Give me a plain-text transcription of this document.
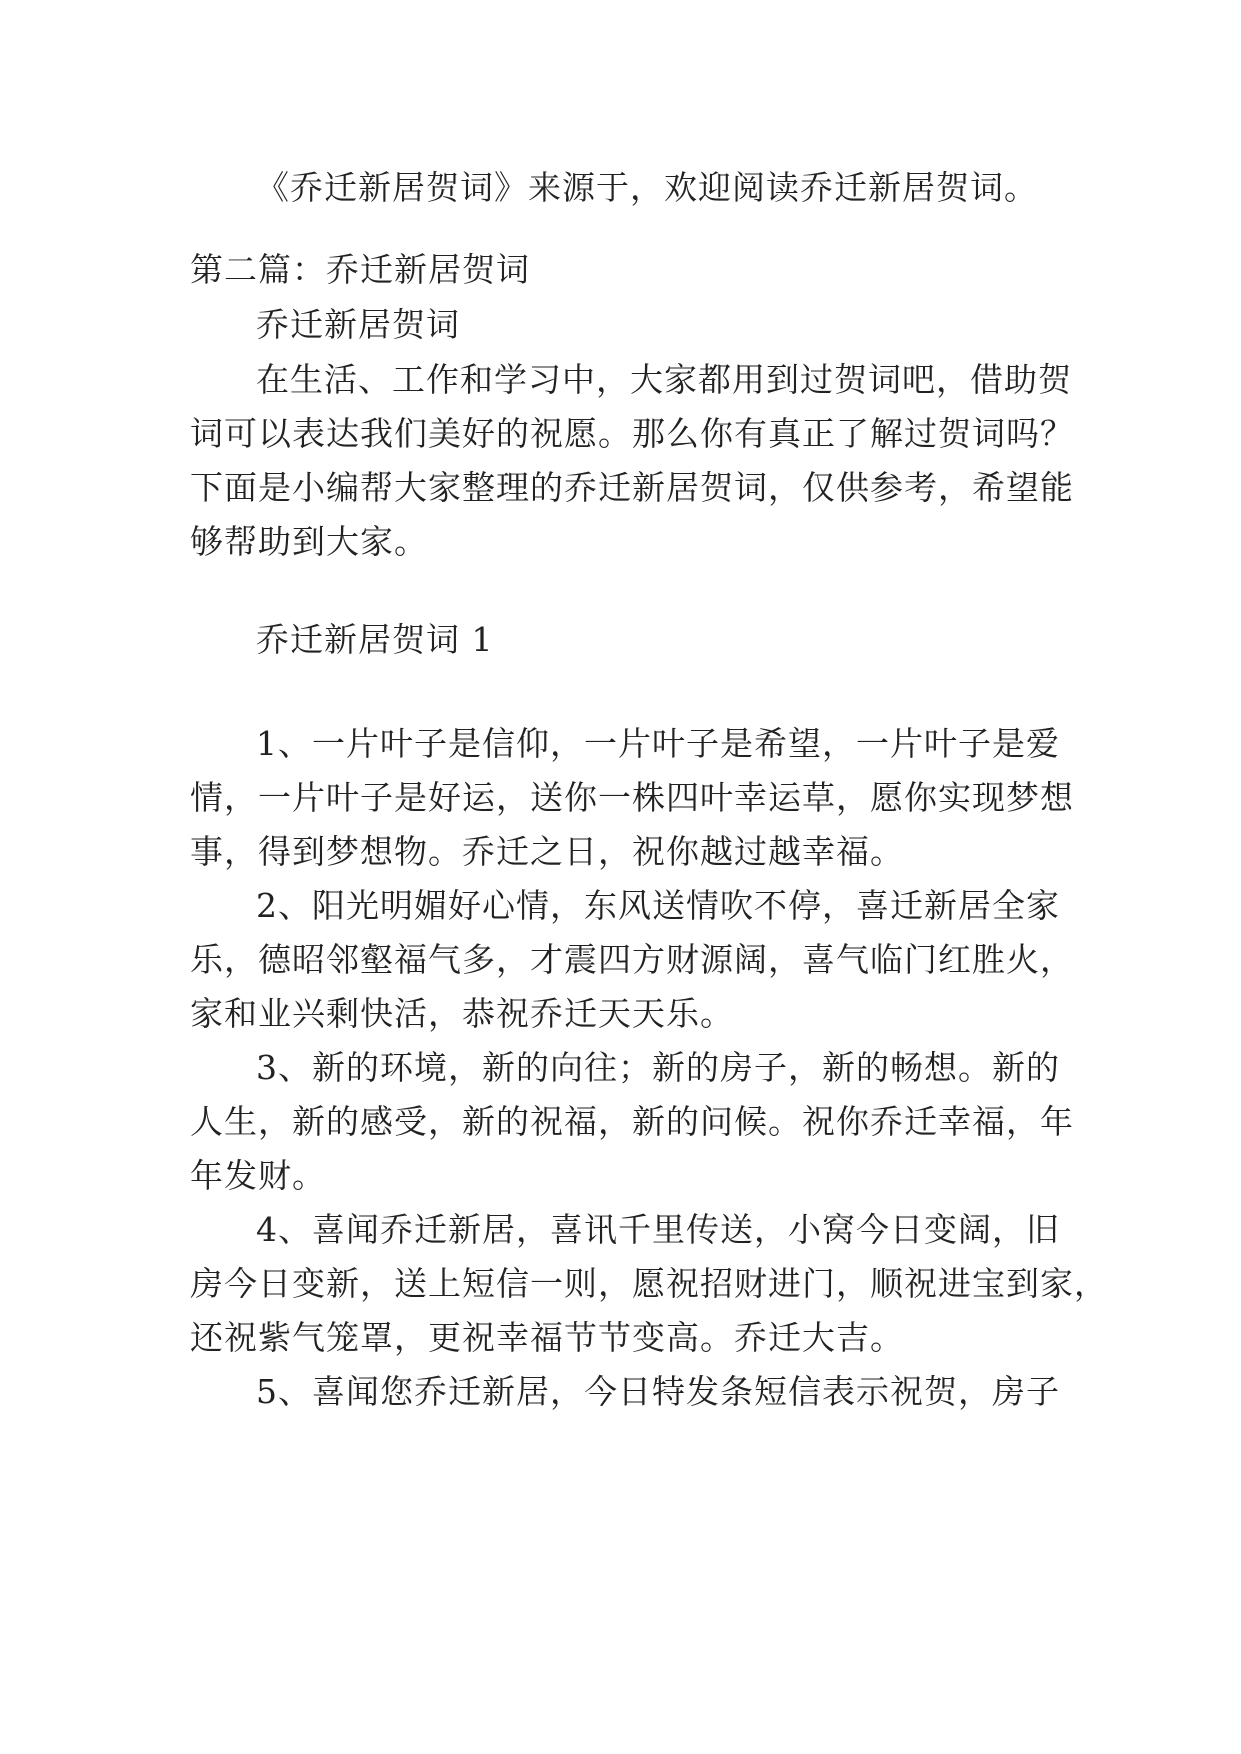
《乔迁新居贺词》来源于，欢迎阅读乔迁新居贺词。
第二篇：乔迁新居贺词
乔迁新居贺词
在生活、工作和学习中，大家都用到过贺词吧，借助贺
词可以表达我们美好的祝愿。那么你有真正了解过贺词吗？
下面是小编帮大家整理的乔迁新居贺词，仅供参考，希望能
够帮助到大家。
乔迁新居贺词 1
1、一片叶子是信仰，一片叶子是希望，一片叶子是爱
情，一片叶子是好运，送你一株四叶幸运草，愿你实现梦想
事，得到梦想物。乔迁之日，祝你越过越幸福。
2、阳光明媚好心情，东风送情吹不停，喜迁新居全家
乐，德昭邻壑福气多，才震四方财源阔，喜气临门红胜火，
家和业兴剩快活，恭祝乔迁天天乐。
3、新的环境，新的向往；新的房子，新的畅想。新的
人生，新的感受，新的祝福，新的问候。祝你乔迁幸福，年
年发财。
4、喜闻乔迁新居，喜讯千里传送，小窝今日变阔，旧
房今日变新，送上短信一则，愿祝招财进门，顺祝进宝到家，
还祝紫气笼罩，更祝幸福节节变高。乔迁大吉。
5、喜闻您乔迁新居，今日特发条短信表示祝贺，房子
